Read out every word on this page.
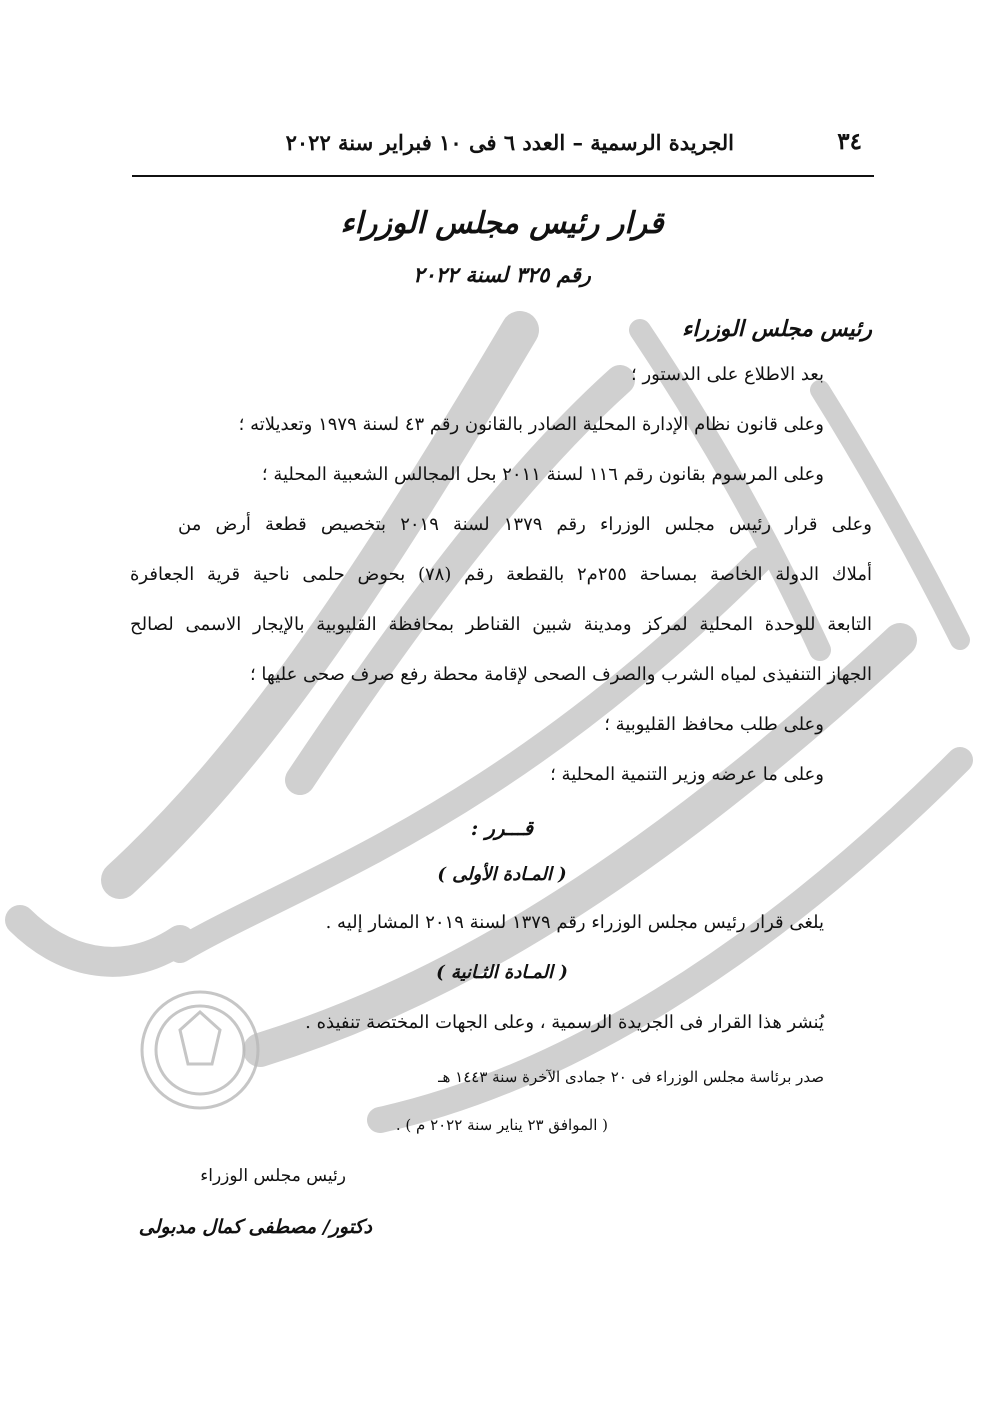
٣٤
الجريدة الرسمية – العدد ٦ فى ١٠ فبراير سنة ٢٠٢٢
قرار رئيس مجلس الوزراء
رقم ٣٢٥ لسنة ٢٠٢٢
رئيس مجلس الوزراء
بعد الاطلاع على الدستور ؛
وعلى قانون نظام الإدارة المحلية الصادر بالقانون رقم ٤٣ لسنة ١٩٧٩ وتعديلاته ؛
وعلى المرسوم بقانون رقم ١١٦ لسنة ٢٠١١ بحل المجالس الشعبية المحلية ؛
وعلى قرار رئيس مجلس الوزراء رقم ١٣٧٩ لسنة ٢٠١٩ بتخصيص قطعة أرض من
أملاك الدولة الخاصة بمساحة ٢٥٥م٢ بالقطعة رقم (٧٨) بحوض حلمى ناحية قرية الجعافرة
التابعة للوحدة المحلية لمركز ومدينة شبين القناطر بمحافظة القليوبية بالإيجار الاسمى لصالح
الجهاز التنفيذى لمياه الشرب والصرف الصحى لإقامة محطة رفع صرف صحى عليها ؛
وعلى طلب محافظ القليوبية ؛
وعلى ما عرضه وزير التنمية المحلية ؛
قـــرر :
( المـادة الأولى )
يلغى قرار رئيس مجلس الوزراء رقم ١٣٧٩ لسنة ٢٠١٩ المشار إليه .
( المـادة الثـانية )
يُنشر هذا القرار فى الجريدة الرسمية ، وعلى الجهات المختصة تنفيذه .
صدر برئاسة مجلس الوزراء فى ٢٠ جمادى الآخرة سنة ١٤٤٣ هـ
( الموافق ٢٣ يناير سنة ٢٠٢٢ م ) .
رئيس مجلس الوزراء
دكتور/ مصطفى كمال مدبولى
